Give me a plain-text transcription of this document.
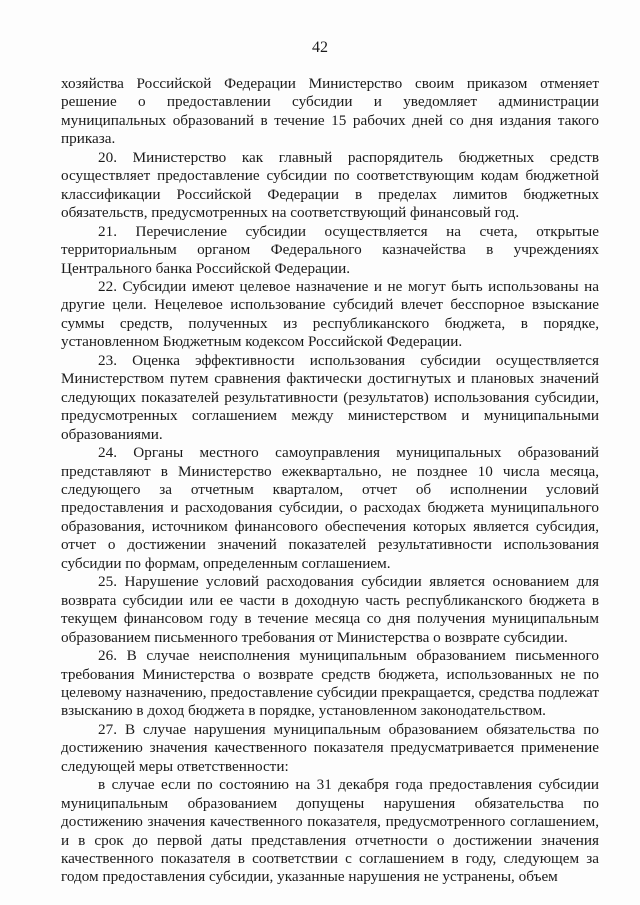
42

хозяйства Российской Федерации Министерство своим приказом отменяет решение о предоставлении субсидии и уведомляет администрации муниципальных образований в течение 15 рабочих дней со дня издания такого приказа.

20. Министерство как главный распорядитель бюджетных средств осуществляет предоставление субсидии по соответствующим кодам бюджетной классификации Российской Федерации в пределах лимитов бюджетных обязательств, предусмотренных на соответствующий финансовый год.

21. Перечисление субсидии осуществляется на счета, открытые территориальным органом Федерального казначейства в учреждениях Центрального банка Российской Федерации.

22. Субсидии имеют целевое назначение и не могут быть использованы на другие цели. Нецелевое использование субсидий влечет бесспорное взыскание суммы средств, полученных из республиканского бюджета, в порядке, установленном Бюджетным кодексом Российской Федерации.

23. Оценка эффективности использования субсидии осуществляется Министерством путем сравнения фактически достигнутых и плановых значений следующих показателей результативности (результатов) использования субсидии, предусмотренных соглашением между министерством и муниципальными образованиями.

24. Органы местного самоуправления муниципальных образований представляют в Министерство ежеквартально, не позднее 10 числа месяца, следующего за отчетным кварталом, отчет об исполнении условий предоставления и расходования субсидии, о расходах бюджета муниципального образования, источником финансового обеспечения которых является субсидия, отчет о достижении значений показателей результативности использования субсидии по формам, определенным соглашением.

25. Нарушение условий расходования субсидии является основанием для возврата субсидии или ее части в доходную часть республиканского бюджета в текущем финансовом году в течение месяца со дня получения муниципальным образованием письменного требования от Министерства о возврате субсидии.

26. В случае неисполнения муниципальным образованием письменного требования Министерства о возврате средств бюджета, использованных не по целевому назначению, предоставление субсидии прекращается, средства подлежат взысканию в доход бюджета в порядке, установленном законодательством.

27. В случае нарушения муниципальным образованием обязательства по достижению значения качественного показателя предусматривается применение следующей меры ответственности:

в случае если по состоянию на 31 декабря года предоставления субсидии муниципальным образованием допущены нарушения обязательства по достижению значения качественного показателя, предусмотренного соглашением, и в срок до первой даты представления отчетности о достижении значения качественного показателя в соответствии с соглашением в году, следующем за годом предоставления субсидии, указанные нарушения не устранены, объем
